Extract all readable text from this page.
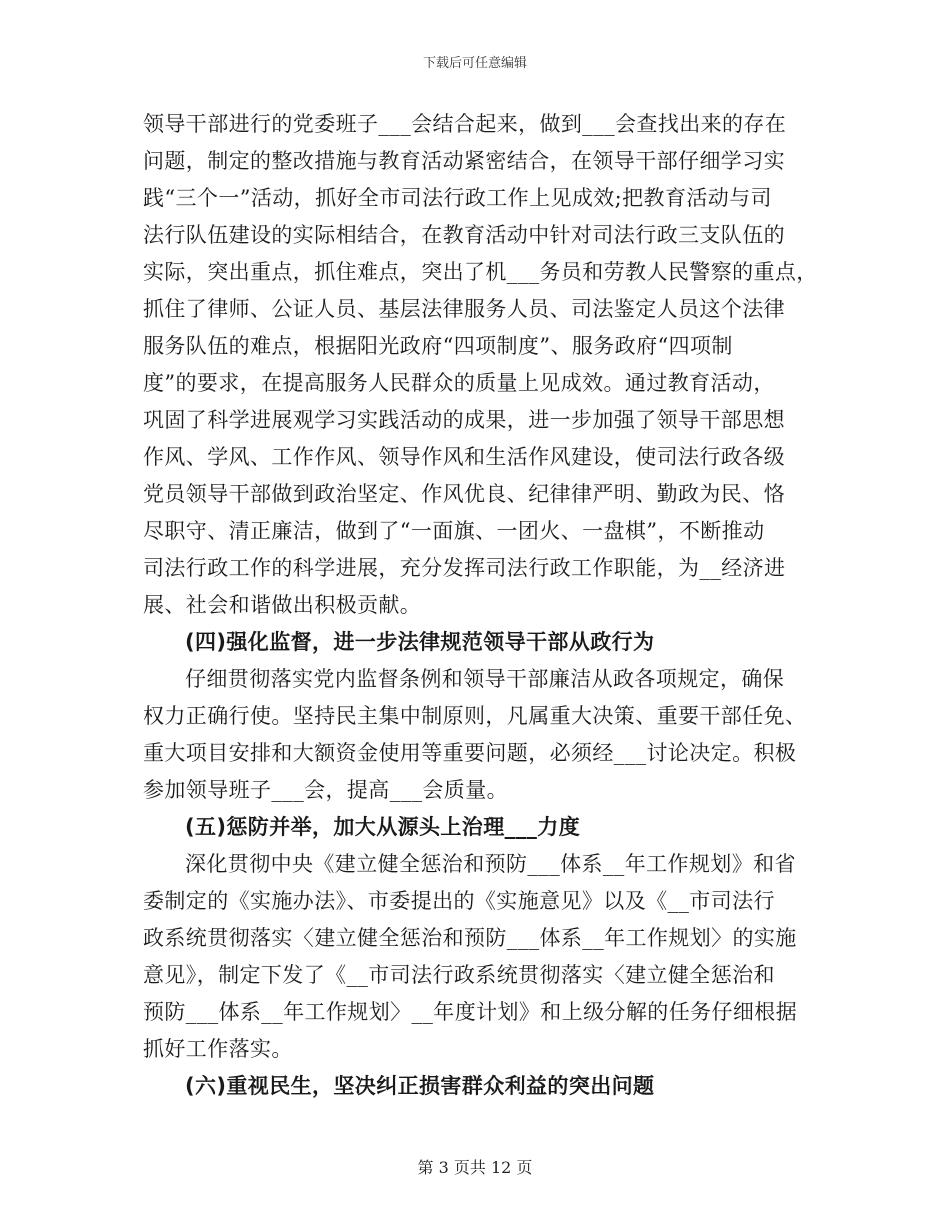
下载后可任意编辑

领导干部进行的党委班子___会结合起来，做到___会查找出来的存在
问题，制定的整改措施与教育活动紧密结合，在领导干部仔细学习实
践“三个一”活动，抓好全市司法行政工作上见成效;把教育活动与司
法行队伍建设的实际相结合，在教育活动中针对司法行政三支队伍的
实际，突出重点，抓住难点，突出了机___务员和劳教人民警察的重点，
抓住了律师、公证人员、基层法律服务人员、司法鉴定人员这个法律
服务队伍的难点，根据阳光政府“四项制度”、服务政府“四项制
度”的要求，在提高服务人民群众的质量上见成效。通过教育活动，
巩固了科学进展观学习实践活动的成果，进一步加强了领导干部思想
作风、学风、工作作风、领导作风和生活作风建设，使司法行政各级
党员领导干部做到政治坚定、作风优良、纪律律严明、勤政为民、恪
尽职守、清正廉洁，做到了“一面旗、一团火、一盘棋”，不断推动
司法行政工作的科学进展，充分发挥司法行政工作职能，为__经济进
展、社会和谐做出积极贡献。

(四)强化监督，进一步法律规范领导干部从政行为

仔细贯彻落实党内监督条例和领导干部廉洁从政各项规定，确保
权力正确行使。坚持民主集中制原则，凡属重大决策、重要干部任免、
重大项目安排和大额资金使用等重要问题，必须经___讨论决定。积极
参加领导班子___会，提高___会质量。

(五)惩防并举，加大从源头上治理___力度

深化贯彻中央《建立健全惩治和预防___体系__年工作规划》和省
委制定的《实施办法》、市委提出的《实施意见》以及《__市司法行
政系统贯彻落实〈建立健全惩治和预防___体系__年工作规划〉的实施
意见》，制定下发了《__市司法行政系统贯彻落实〈建立健全惩治和
预防___体系__年工作规划〉__年度计划》和上级分解的任务仔细根据
抓好工作落实。

(六)重视民生，坚决纠正损害群众利益的突出问题

第 3 页共 12 页
